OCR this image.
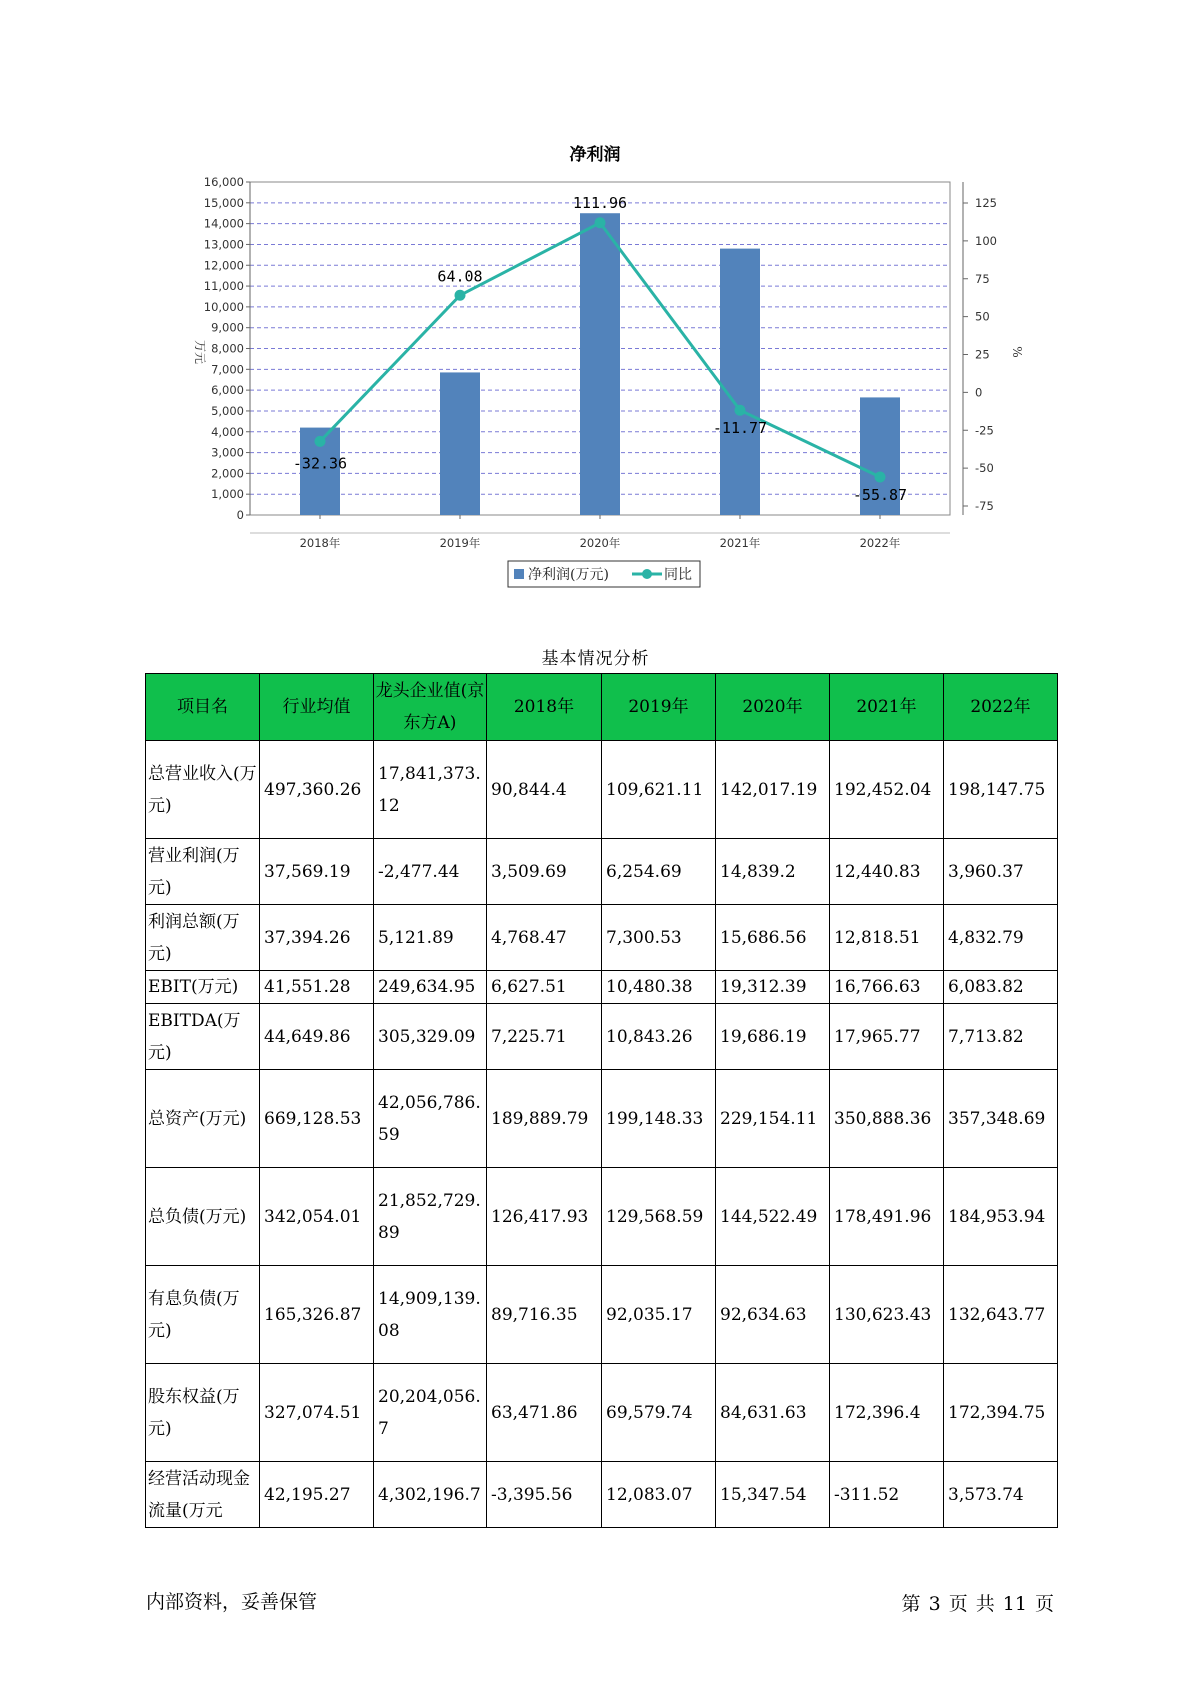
净利润
0
1,000
2,000
3,000
4,000
5,000
6,000
7,000
8,000
9,000
10,000
11,000
12,000
13,000
14,000
15,000
16,000
-75
-50
-25
0
25
50
75
100
125
万元	%
2018年	2019年	2020年	2021年	2022年
-32.36
64.08
111.96
-11.77
-55.87
净利润(万元)	同比
基本情况分析
项目名	行业均值	龙头企业值(京东方A)	2018年	2019年	2020年	2021年	2022年
总营业收入(万元)	497,360.26	17,841,373.12	90,844.4	109,621.11	142,017.19	192,452.04	198,147.75
营业利润(万元)	37,569.19	-2,477.44	3,509.69	6,254.69	14,839.2	12,440.83	3,960.37
利润总额(万元)	37,394.26	5,121.89	4,768.47	7,300.53	15,686.56	12,818.51	4,832.79
EBIT(万元)	41,551.28	249,634.95	6,627.51	10,480.38	19,312.39	16,766.63	6,083.82
EBITDA(万元)	44,649.86	305,329.09	7,225.71	10,843.26	19,686.19	17,965.77	7,713.82
总资产(万元)	669,128.53	42,056,786.59	189,889.79	199,148.33	229,154.11	350,888.36	357,348.69
总负债(万元)	342,054.01	21,852,729.89	126,417.93	129,568.59	144,522.49	178,491.96	184,953.94
有息负债(万元)	165,326.87	14,909,139.08	89,716.35	92,035.17	92,634.63	130,623.43	132,643.77
股东权益(万元)	327,074.51	20,204,056.7	63,471.86	69,579.74	84,631.63	172,396.4	172,394.75
经营活动现金流量(万元	42,195.27	4,302,196.7	-3,395.56	12,083.07	15,347.54	-311.52	3,573.74
内部资料，妥善保管	第 3 页 共 11 页
